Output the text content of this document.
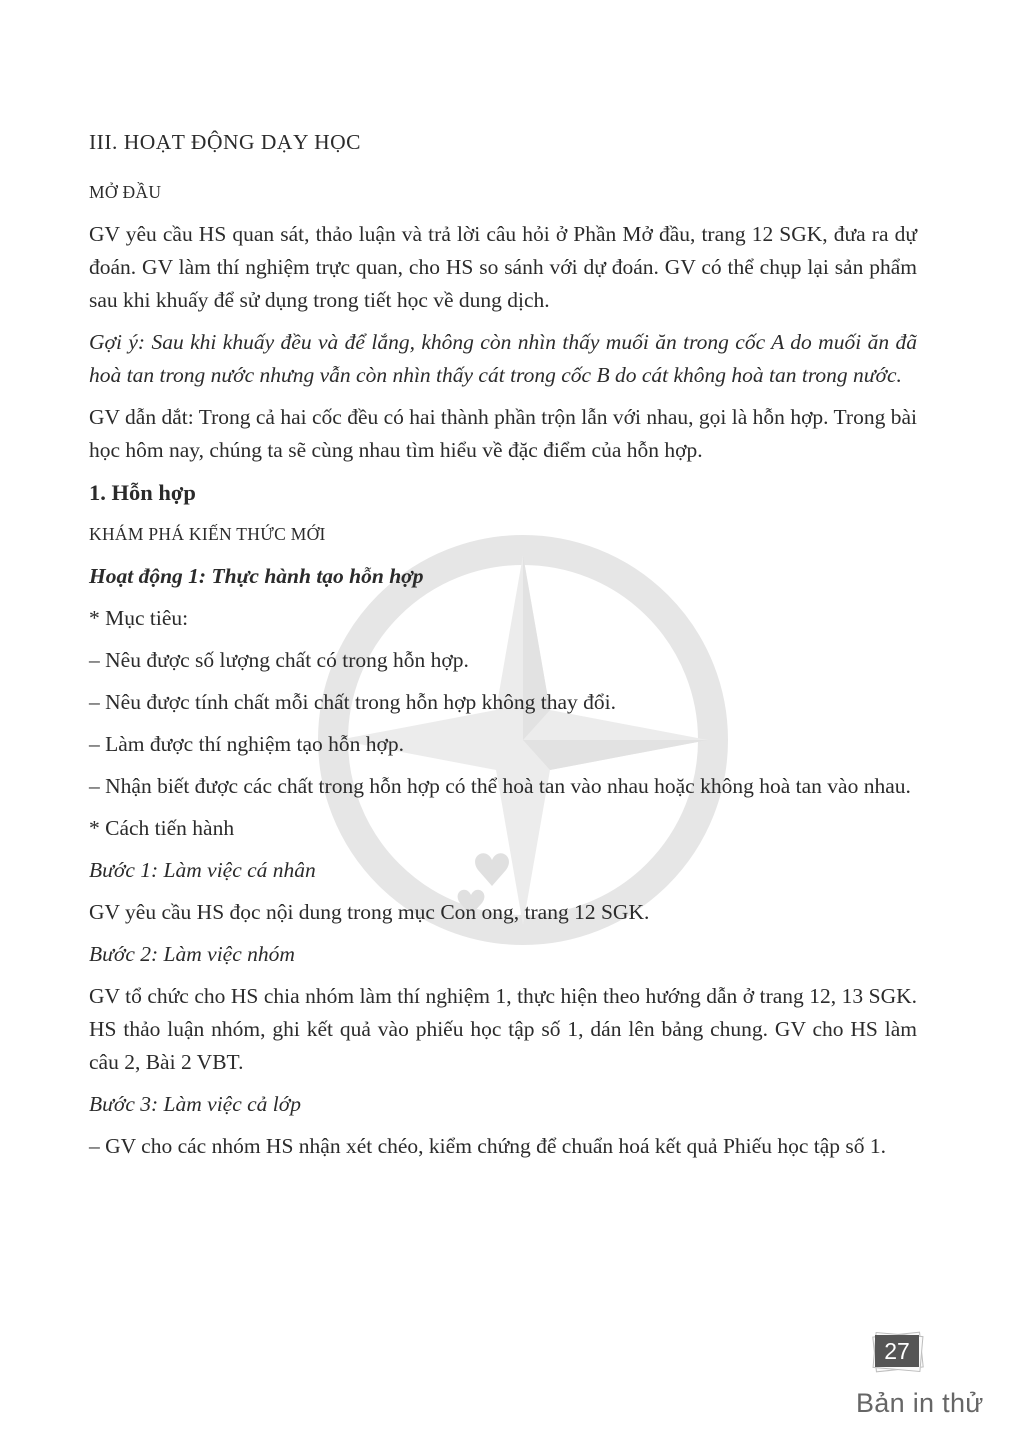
III. HOẠT ĐỘNG DẠY HỌC

MỞ ĐẦU

GV yêu cầu HS quan sát, thảo luận và trả lời câu hỏi ở Phần Mở đầu, trang 12 SGK, đưa ra dự đoán. GV làm thí nghiệm trực quan, cho HS so sánh với dự đoán. GV có thể chụp lại sản phẩm sau khi khuấy để sử dụng trong tiết học về dung dịch.

Gợi ý: Sau khi khuấy đều và để lắng, không còn nhìn thấy muối ăn trong cốc A do muối ăn đã hoà tan trong nước nhưng vẫn còn nhìn thấy cát trong cốc B do cát không hoà tan trong nước.

GV dẫn dắt: Trong cả hai cốc đều có hai thành phần trộn lẫn với nhau, gọi là hỗn hợp. Trong bài học hôm nay, chúng ta sẽ cùng nhau tìm hiểu về đặc điểm của hỗn hợp.

1. Hỗn hợp

KHÁM PHÁ KIẾN THỨC MỚI

Hoạt động 1: Thực hành tạo hỗn hợp

* Mục tiêu:

– Nêu được số lượng chất có trong hỗn hợp.

– Nêu được tính chất mỗi chất trong hỗn hợp không thay đổi.

– Làm được thí nghiệm tạo hỗn hợp.

– Nhận biết được các chất trong hỗn hợp có thể hoà tan vào nhau hoặc không hoà tan vào nhau.

* Cách tiến hành

Bước 1: Làm việc cá nhân

GV yêu cầu HS đọc nội dung trong mục Con ong, trang 12 SGK.

Bước 2: Làm việc nhóm

GV tổ chức cho HS chia nhóm làm thí nghiệm 1, thực hiện theo hướng dẫn ở trang 12, 13 SGK. HS thảo luận nhóm, ghi kết quả vào phiếu học tập số 1, dán lên bảng chung. GV cho HS làm câu 2, Bài 2 VBT.

Bước 3: Làm việc cả lớp

– GV cho các nhóm HS nhận xét chéo, kiểm chứng để chuẩn hoá kết quả Phiếu học tập số 1.

27
Bản in thử
